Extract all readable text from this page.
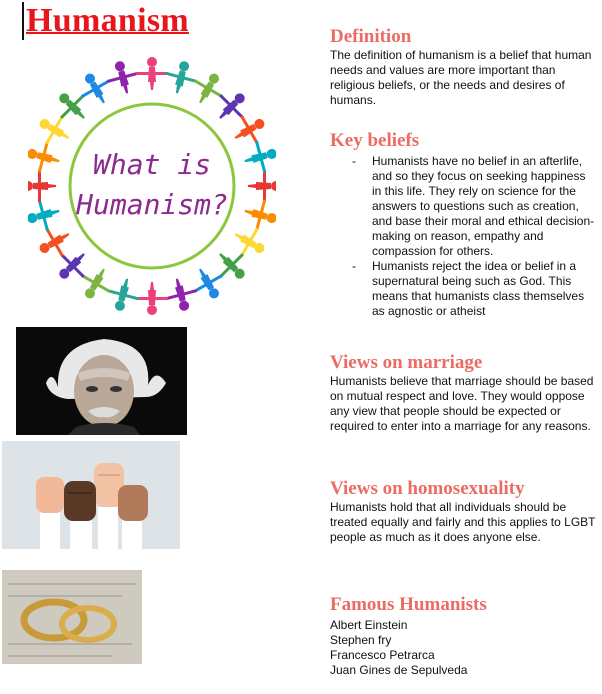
Humanism
What is
Humanism?
Definition

The definition of humanism is a belief that human needs and values are more important than religious beliefs, or the needs and desires of humans.

Key beliefs
- Humanists have no belief in an afterlife, and so they focus on seeking happiness in this life. They rely on science for the answers to questions such as creation, and base their moral and ethical decision-making on reason, empathy and compassion for others.
- Humanists reject the idea or belief in a supernatural being such as God. This means that humanists class themselves as agnostic or atheist
Views on marriage

Humanists believe that marriage should be based on mutual respect and love. They would oppose any view that people should be expected or required to enter into a marriage for any reasons.

Views on homosexuality

Humanists hold that all individuals should be treated equally and fairly and this applies to LGBT people as much as it does anyone else.

Famous Humanists
Albert Einstein
Stephen fry
Francesco Petrarca
Juan Gines de Sepulveda
